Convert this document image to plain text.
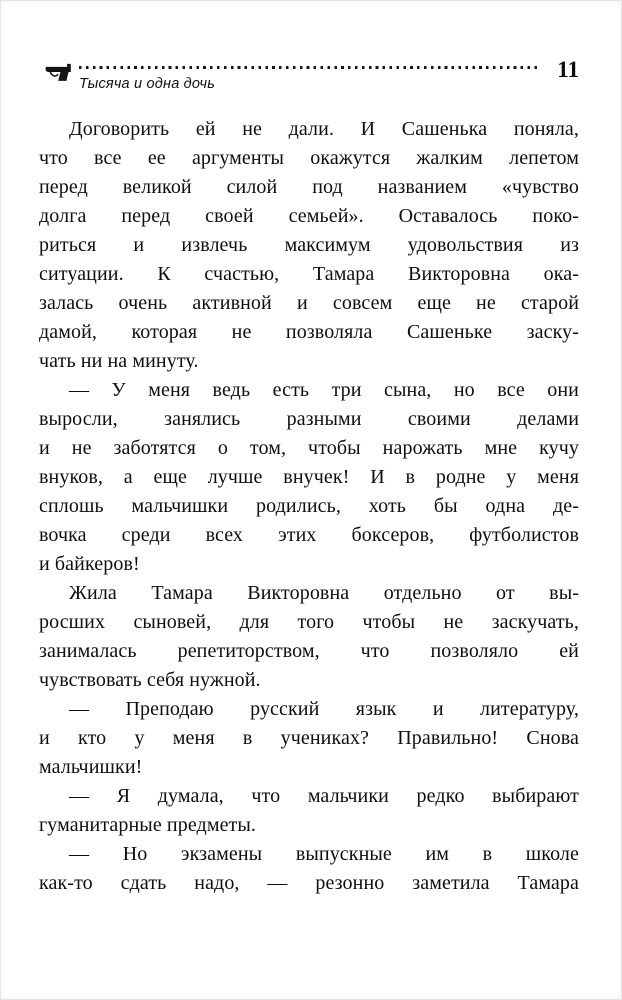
Тысяча и одна дочь
11
Договорить ей не дали. И Сашенька поняла,
что все ее аргументы окажутся жалким лепетом
перед великой силой под названием «чувство
долга перед своей семьей». Оставалось поко-
риться и извлечь максимум удовольствия из
ситуации. К счастью, Тамара Викторовна ока-
залась очень активной и совсем еще не старой
дамой, которая не позволяла Сашеньке заску-
чать ни на минуту.
— У меня ведь есть три сына, но все они
выросли, занялись разными своими делами
и не заботятся о том, чтобы нарожать мне кучу
внуков, а еще лучше внучек! И в родне у меня
сплошь мальчишки родились, хоть бы одна де-
вочка среди всех этих боксеров, футболистов
и байкеров!
Жила Тамара Викторовна отдельно от вы-
росших сыновей, для того чтобы не заскучать,
занималась репетиторством, что позволяло ей
чувствовать себя нужной.
— Преподаю русский язык и литературу,
и кто у меня в учениках? Правильно! Снова
мальчишки!
— Я думала, что мальчики редко выбирают
гуманитарные предметы.
— Но экзамены выпускные им в школе
как-то сдать надо, — резонно заметила Тамара
